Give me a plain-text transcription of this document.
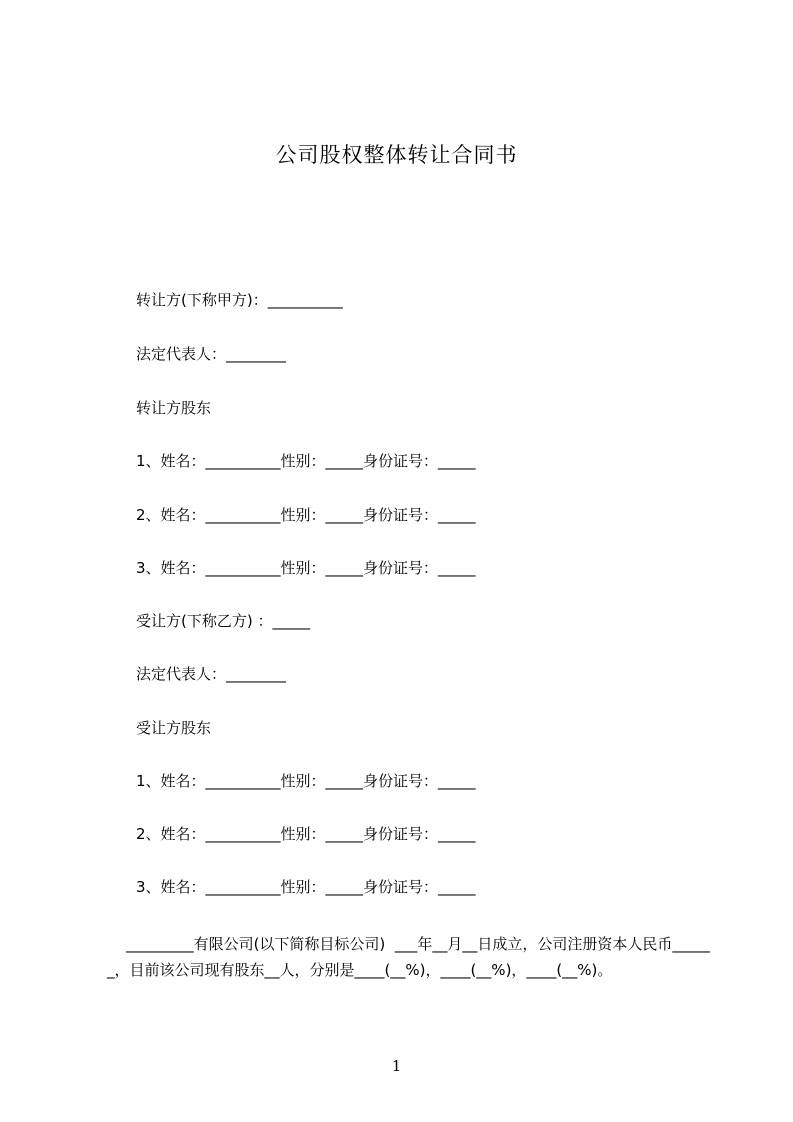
公司股权整体转让合同书
转让方(下称甲方)：__________
法定代表人：________
转让方股东
1、姓名：__________性别：_____身份证号：_____
2、姓名：__________性别：_____身份证号：_____
3、姓名：__________性别：_____身份证号：_____
受让方(下称乙方) ：_____
法定代表人：________
受让方股东
1、姓名：__________性别：_____身份证号：_____
2、姓名：__________性别：_____身份证号：_____
3、姓名：__________性别：_____身份证号：_____
_________有限公司(以下简称目标公司)  ___年__月__日成立，公司注册资本人民币______，目前该公司现有股东__人，分别是____(__%)，____(__%)，____(__%)。
1
